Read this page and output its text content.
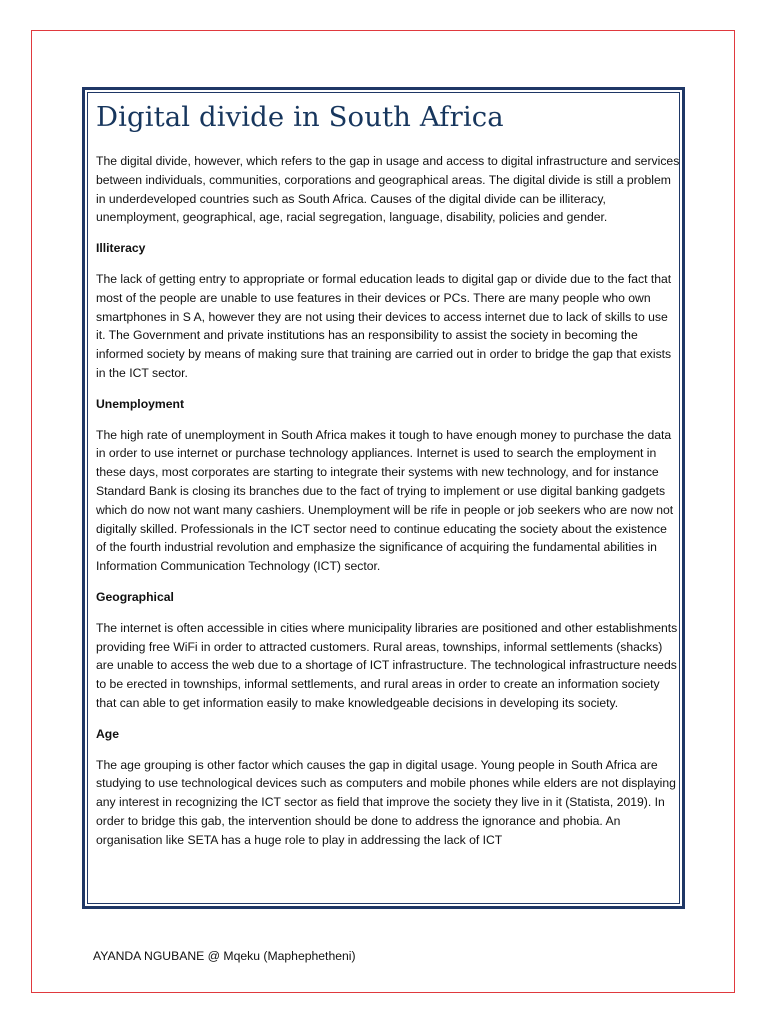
Digital divide in South Africa

The digital divide, however, which refers to the gap in usage and access to digital infrastructure and services between individuals, communities, corporations and geographical areas. The digital divide is still a problem in underdeveloped countries such as South Africa. Causes of the digital divide can be illiteracy, unemployment, geographical, age, racial segregation, language, disability, policies and gender.

Illiteracy

The lack of getting entry to appropriate or formal education leads to digital gap or divide due to the fact that most of the people are unable to use features in their devices or PCs. There are many people who own smartphones in S A, however they are not using their devices to access internet due to lack of skills to use it. The Government and private institutions has an responsibility to assist the society in becoming the informed society by means of making sure that training are carried out in order to bridge the gap that exists in the ICT sector.

Unemployment

The high rate of unemployment in South Africa makes it tough to have enough money to purchase the data in order to use internet or purchase technology appliances. Internet is used to search the employment in these days, most corporates are starting to integrate their systems with new technology, and for instance Standard Bank is closing its branches due to the fact of trying to implement or use digital banking gadgets which do now not want many cashiers. Unemployment will be rife in people or job seekers who are now not digitally skilled. Professionals in the ICT sector need to continue educating the society about the existence of the fourth industrial revolution and emphasize the significance of acquiring the fundamental abilities in Information Communication Technology (ICT) sector.

Geographical

The internet is often accessible in cities where municipality libraries are positioned and other establishments providing free WiFi in order to attracted customers. Rural areas, townships, informal settlements (shacks) are unable to access the web due to a shortage of ICT infrastructure. The technological infrastructure needs to be erected in townships, informal settlements, and rural areas in order to create an information society that can able to get information easily to make knowledgeable decisions in developing its society.

Age

The age grouping is other factor which causes the gap in digital usage. Young people in South Africa are studying to use technological devices such as computers and mobile phones while elders are not displaying any interest in recognizing the ICT sector as field that improve the society they live in it (Statista, 2019). In order to bridge this gab, the intervention should be done to address the ignorance and phobia. An organisation like SETA has a huge role to play in addressing the lack of ICT

AYANDA NGUBANE @ Mqeku (Maphephetheni)
